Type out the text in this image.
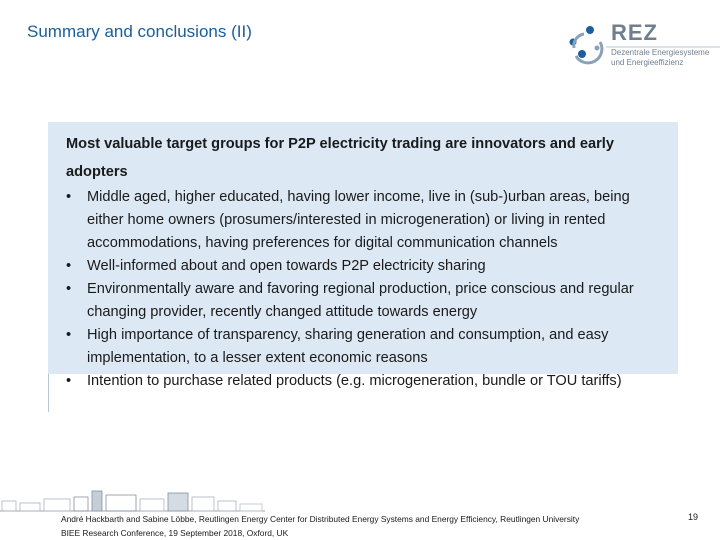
Summary and conclusions (II)	REZ
Dezentrale Energiesysteme
und Energieeffizienz
Most valuable target groups for P2P electricity trading are innovators and early adopters
• Middle aged, higher educated, having lower income, live in (sub-)urban areas, being either home owners (prosumers/interested in microgeneration) or living in rented accommodations, having preferences for digital communication channels
• Well-informed about and open towards P2P electricity sharing
• Environmentally aware and favoring regional production, price conscious and regular changing provider, recently changed attitude towards energy
• High importance of transparency, sharing generation and consumption, and easy implementation, to a lesser extent economic reasons
• Intention to purchase related products (e.g. microgeneration, bundle or TOU tariffs)
André Hackbarth and Sabine Löbbe, Reutlingen Energy Center for Distributed Energy Systems and Energy Efficiency, Reutlingen University
BIEE Research Conference, 19 September 2018, Oxford, UK
19
